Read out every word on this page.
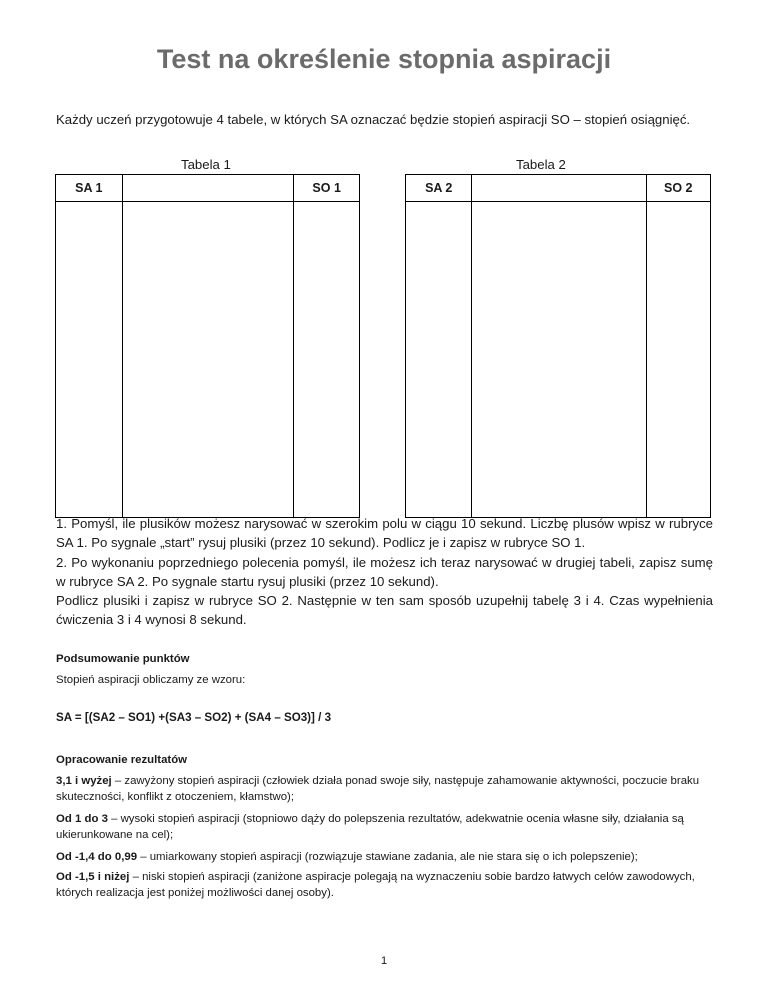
Test na określenie stopnia aspiracji
Każdy uczeń przygotowuje 4 tabele, w których SA oznaczać będzie stopień aspiracji SO – stopień osiągnięć.
Tabela 1	Tabela 2
SA 1		SO 1
			SA 2		SO 2

1. Pomyśl, ile plusików możesz narysować w szerokim polu w ciągu 10 sekund. Liczbę plusów wpisz w rubryce SA 1. Po sygnale „start” rysuj plusiki (przez 10 sekund). Podlicz je i zapisz w rubryce SO 1.

2. Po wykonaniu poprzedniego polecenia pomyśl, ile możesz ich teraz narysować w drugiej tabeli, zapisz sumę w rubryce SA 2. Po sygnale startu rysuj plusiki (przez 10 sekund).

Podlicz plusiki i zapisz w rubryce SO 2. Następnie w ten sam sposób uzupełnij tabelę 3 i 4. Czas wypełnienia ćwiczenia 3 i 4 wynosi 8 sekund.

Podsumowanie punktów
Stopień aspiracji obliczamy ze wzoru:
SA = [(SA2 – SO1) +(SA3 – SO2) + (SA4 – SO3)] / 3
Opracowanie rezultatów

3,1 i wyżej – zawyżony stopień aspiracji (człowiek działa ponad swoje siły, następuje zahamowanie aktywności, poczucie braku skuteczności, konflikt z otoczeniem, kłamstwo);

Od 1 do 3 – wysoki stopień aspiracji (stopniowo dąży do polepszenia rezultatów, adekwatnie ocenia własne siły, działania są ukierunkowane na cel);

Od -1,4 do 0,99 – umiarkowany stopień aspiracji (rozwiązuje stawiane zadania, ale nie stara się o ich polepszenie);

Od -1,5 i niżej – niski stopień aspiracji (zaniżone aspiracje polegają na wyznaczeniu sobie bardzo łatwych celów zawodowych, których realizacja jest poniżej możliwości danej osoby).

1
